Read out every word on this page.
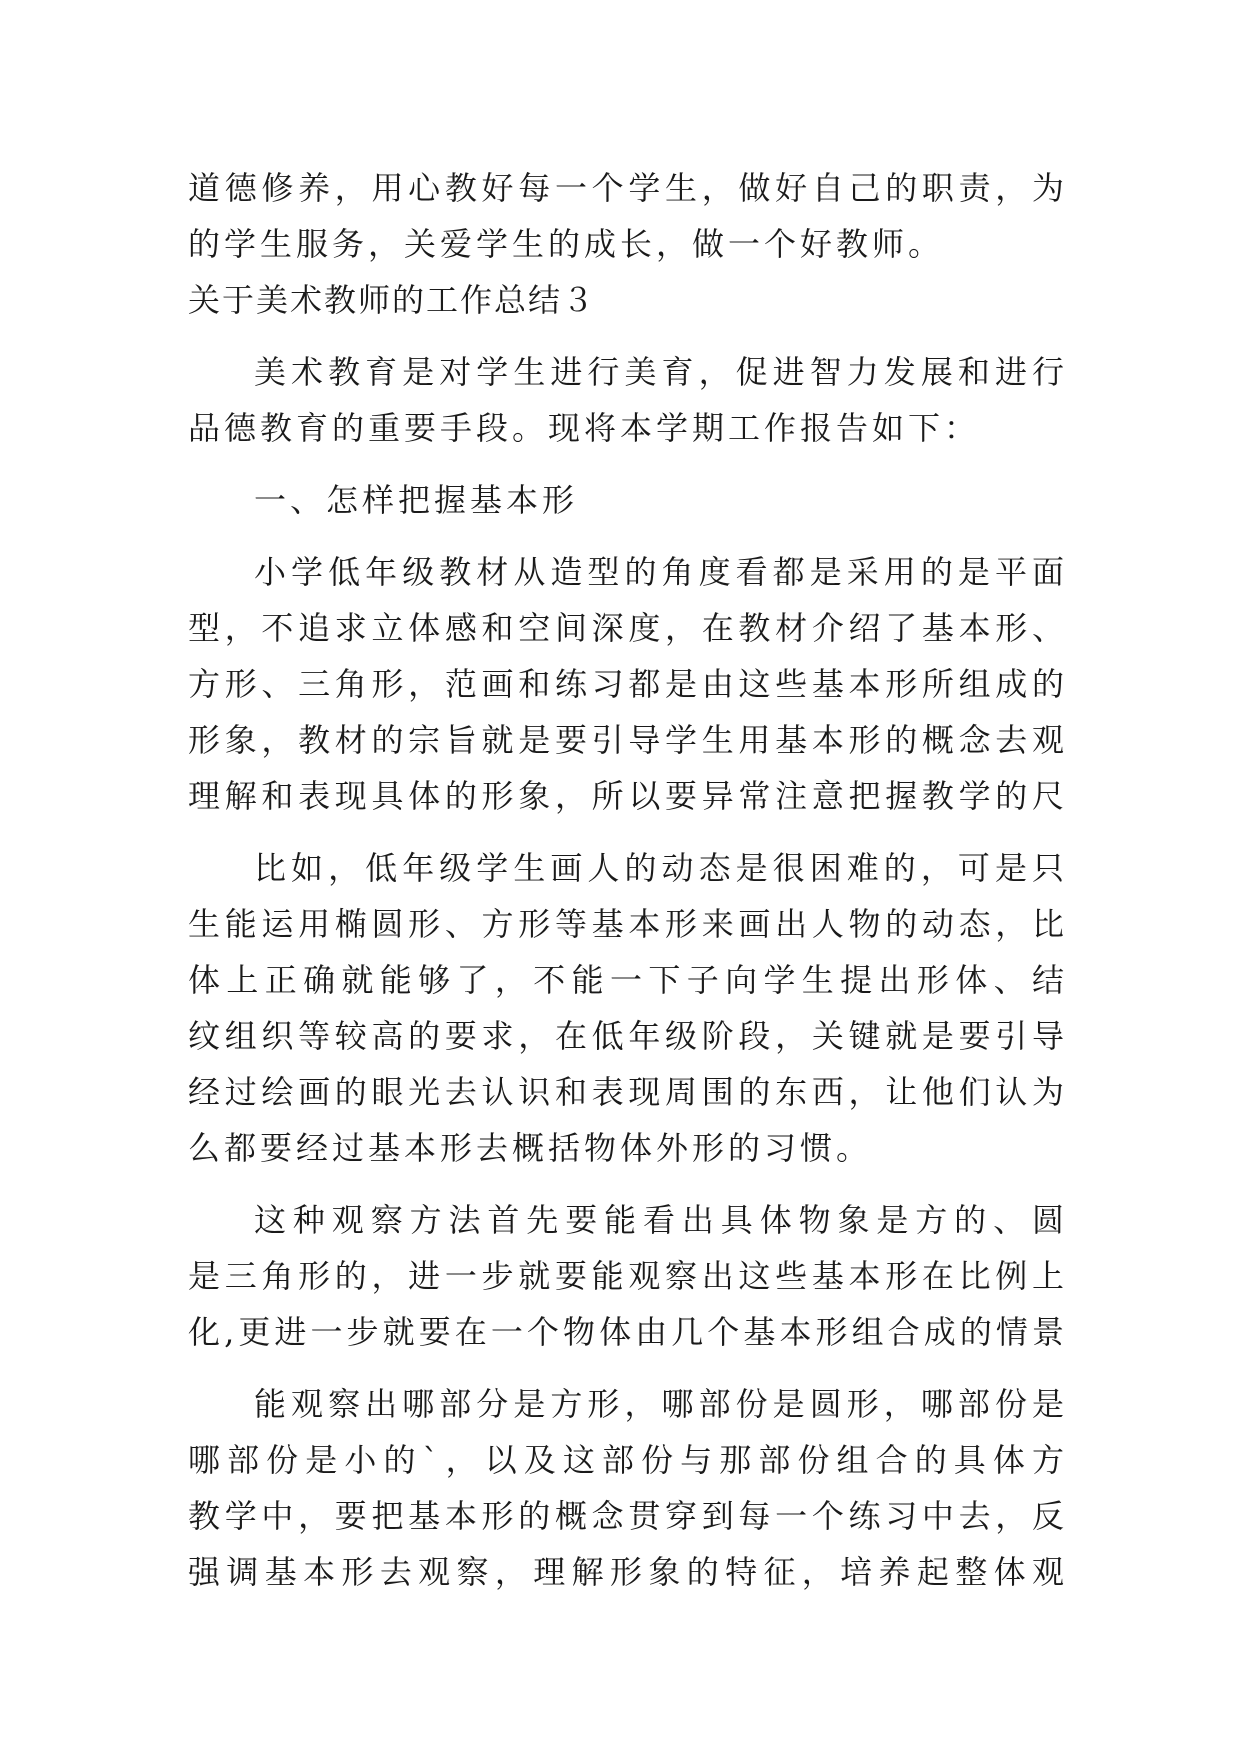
道德修养，用心教好每一个学生，做好自己的职责，为
的学生服务，关爱学生的成长，做一个好教师。
关于美术教师的工作总结３
美术教育是对学生进行美育，促进智力发展和进行
品德教育的重要手段。现将本学期工作报告如下：
一、怎样把握基本形
小学低年级教材从造型的角度看都是采用的是平面
型，不追求立体感和空间深度，在教材介绍了基本形、
方形、三角形，范画和练习都是由这些基本形所组成的
形象，教材的宗旨就是要引导学生用基本形的概念去观
理解和表现具体的形象，所以要异常注意把握教学的尺
比如，低年级学生画人的动态是很困难的，可是只
生能运用椭圆形、方形等基本形来画出人物的动态，比
体上正确就能够了，不能一下子向学生提出形体、结
纹组织等较高的要求，在低年级阶段，关键就是要引导
经过绘画的眼光去认识和表现周围的东西，让他们认为
么都要经过基本形去概括物体外形的习惯。
这种观察方法首先要能看出具体物象是方的、圆
是三角形的，进一步就要能观察出这些基本形在比例上
化,更进一步就要在一个物体由几个基本形组合成的情景
能观察出哪部分是方形，哪部份是圆形，哪部份是
哪部份是小的`，以及这部份与那部份组合的具体方
教学中，要把基本形的概念贯穿到每一个练习中去，反
强调基本形去观察，理解形象的特征，培养起整体观
